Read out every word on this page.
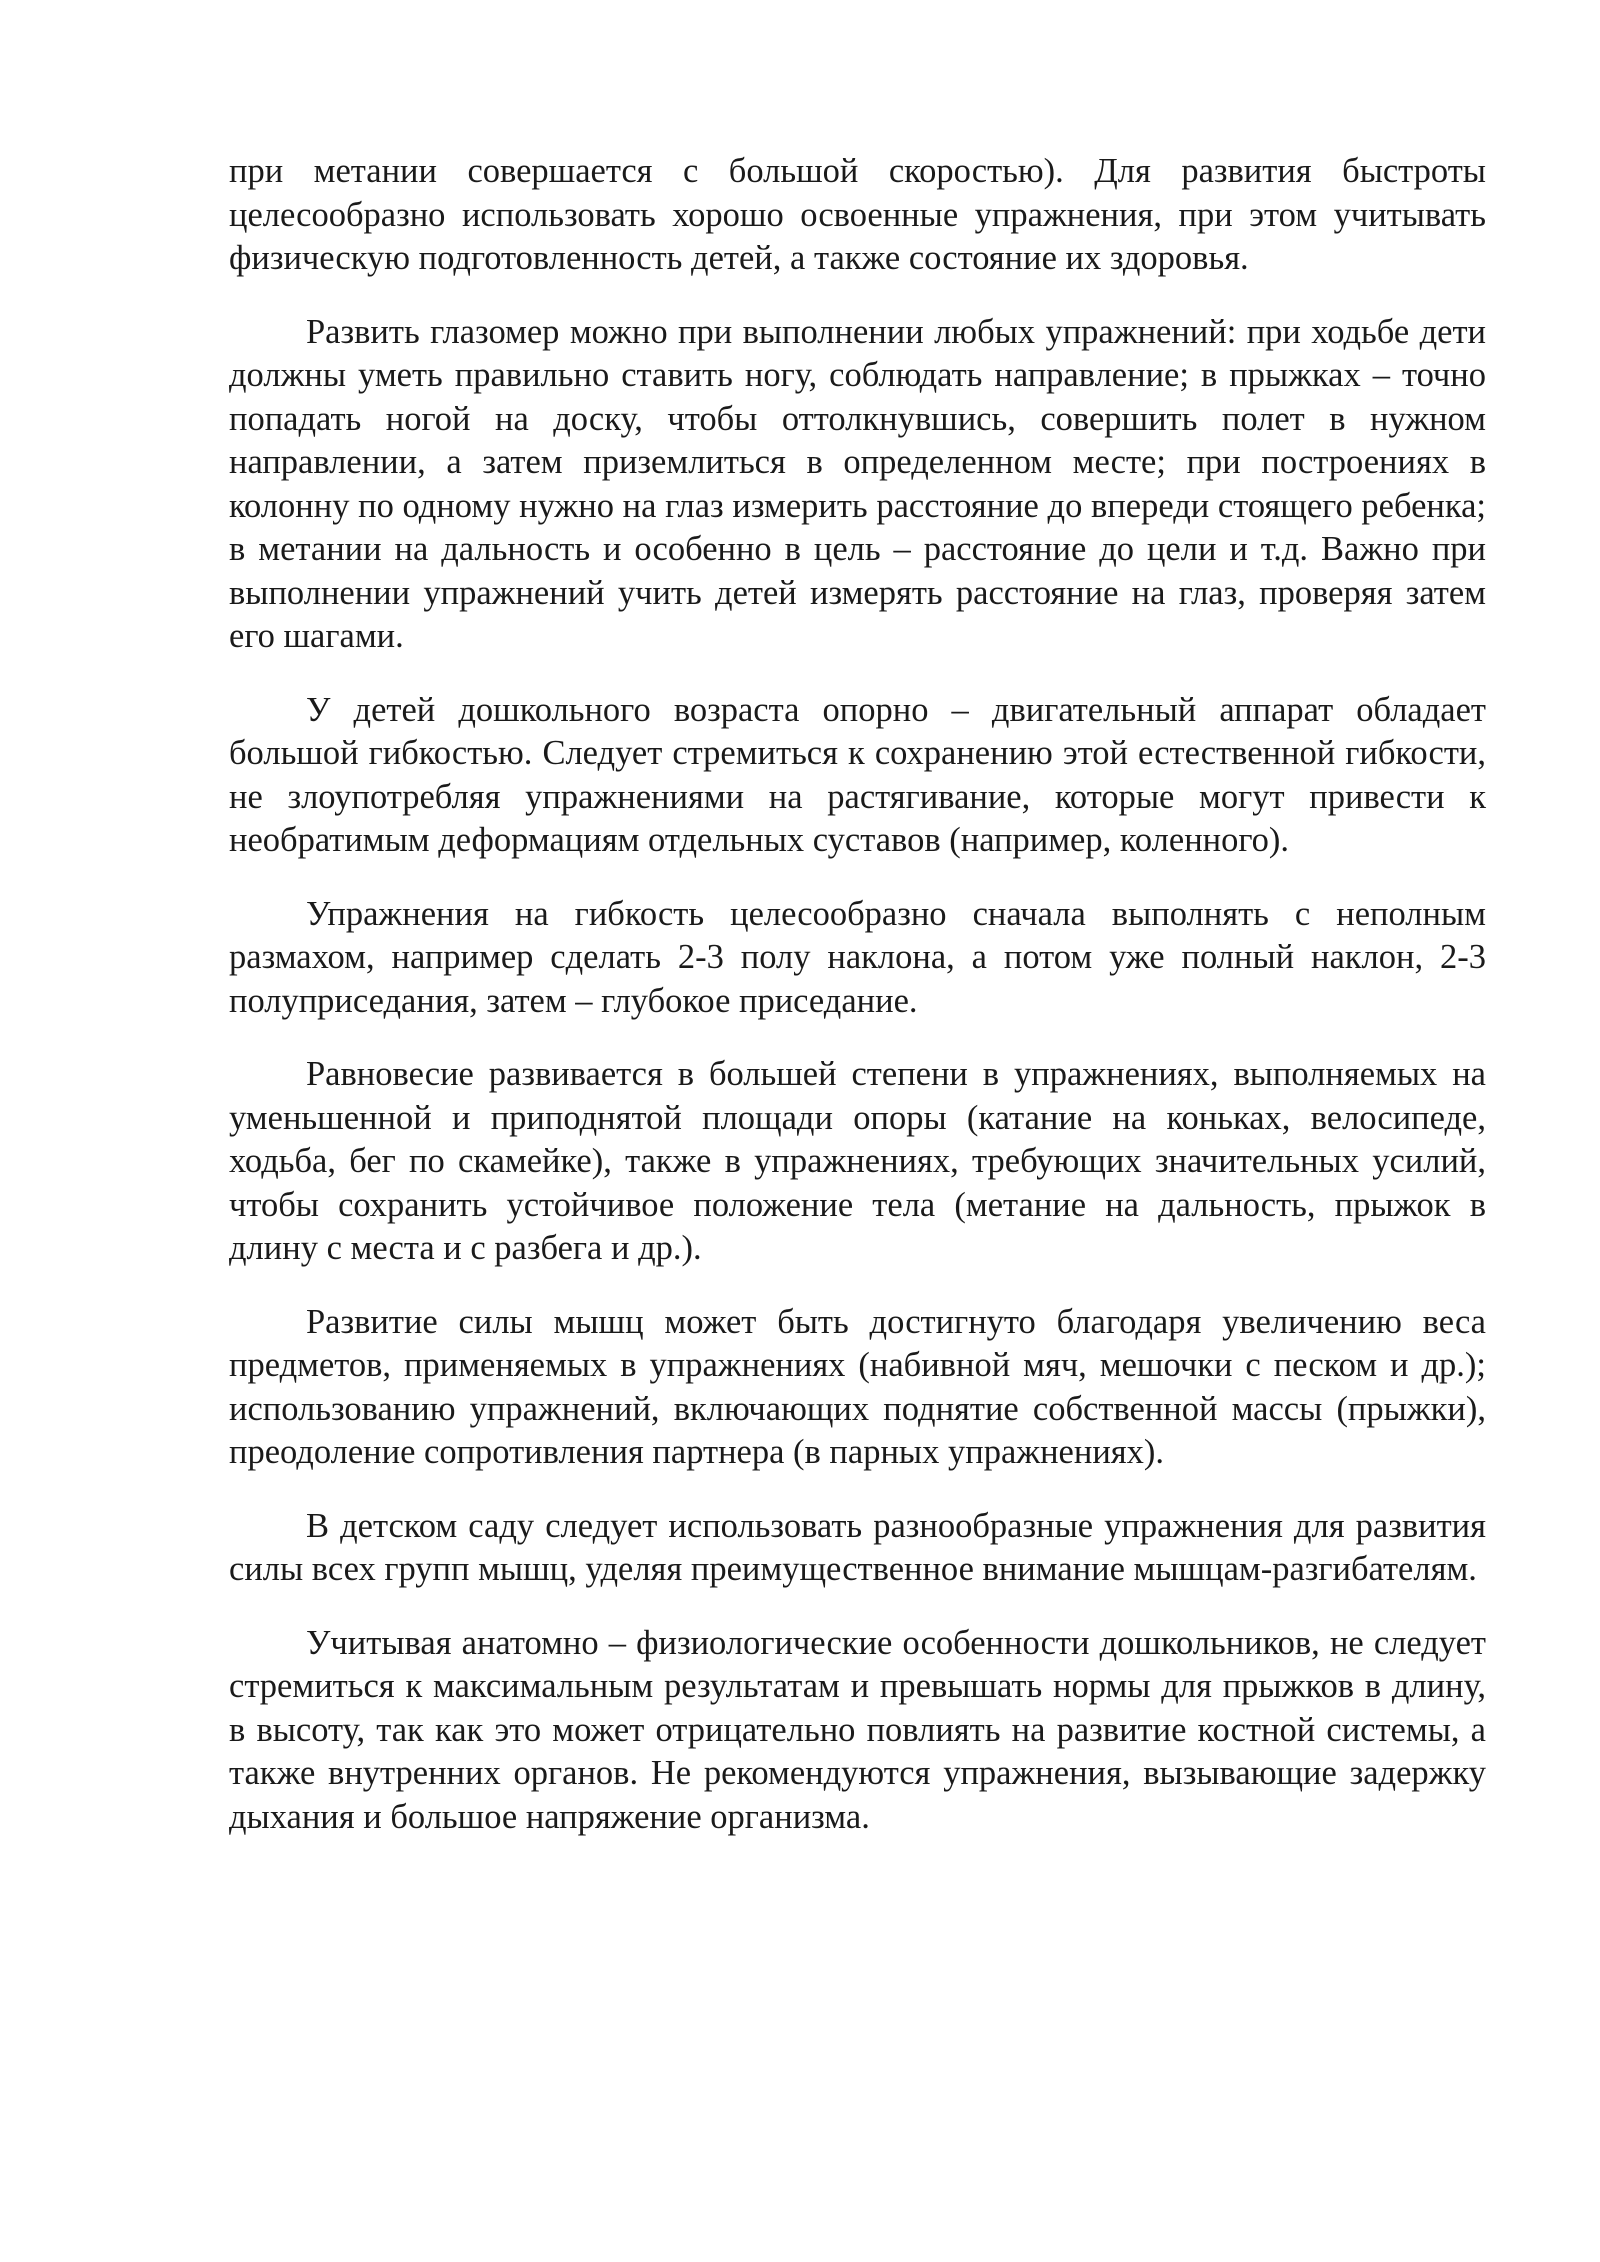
при метании совершается с большой скоростью). Для развития быстроты целесообразно использовать хорошо освоенные упражнения, при этом учитывать физическую подготовленность детей, а также состояние их здоровья.

Развить глазомер можно при выполнении любых упражнений: при ходьбе дети должны уметь правильно ставить ногу, соблюдать направление; в прыжках – точно попадать ногой на доску, чтобы оттолкнувшись, совершить полет в нужном направлении, а затем приземлиться в определенном месте; при построениях в колонну по одному нужно на глаз измерить расстояние до впереди стоящего ребенка; в метании на дальность и особенно в цель – расстояние до цели и т.д. Важно при выполнении упражнений учить детей измерять расстояние на глаз, проверяя затем его шагами.

У детей дошкольного возраста опорно – двигательный аппарат обладает большой гибкостью. Следует стремиться к сохранению этой естественной гибкости, не злоупотребляя упражнениями на растягивание, которые могут привести к необратимым деформациям отдельных суставов (например, коленного).

Упражнения на гибкость целесообразно сначала выполнять с неполным размахом, например сделать 2-3 полу наклона, а потом уже полный наклон, 2-3 полуприседания, затем – глубокое приседание.

Равновесие развивается в большей степени в упражнениях, выполняемых на уменьшенной и приподнятой площади опоры (катание на коньках, велосипеде, ходьба, бег по скамейке), также в упражнениях, требующих значительных усилий, чтобы сохранить устойчивое положение тела (метание на дальность, прыжок в длину с места и с разбега и др.).

Развитие силы мышц может быть достигнуто благодаря увеличению веса предметов, применяемых в упражнениях (набивной мяч, мешочки с песком и др.); использованию упражнений, включающих поднятие собственной массы (прыжки), преодоление сопротивления партнера (в парных упражнениях).

В детском саду следует использовать разнообразные упражнения для развития силы всех групп мышц, уделяя преимущественное внимание мышцам-разгибателям.

Учитывая анатомно – физиологические особенности дошкольников, не следует стремиться к максимальным результатам и превышать нормы для прыжков в длину, в высоту, так как это может отрицательно повлиять на развитие костной системы, а также внутренних органов. Не рекомендуются упражнения, вызывающие задержку дыхания и большое напряжение организма.
